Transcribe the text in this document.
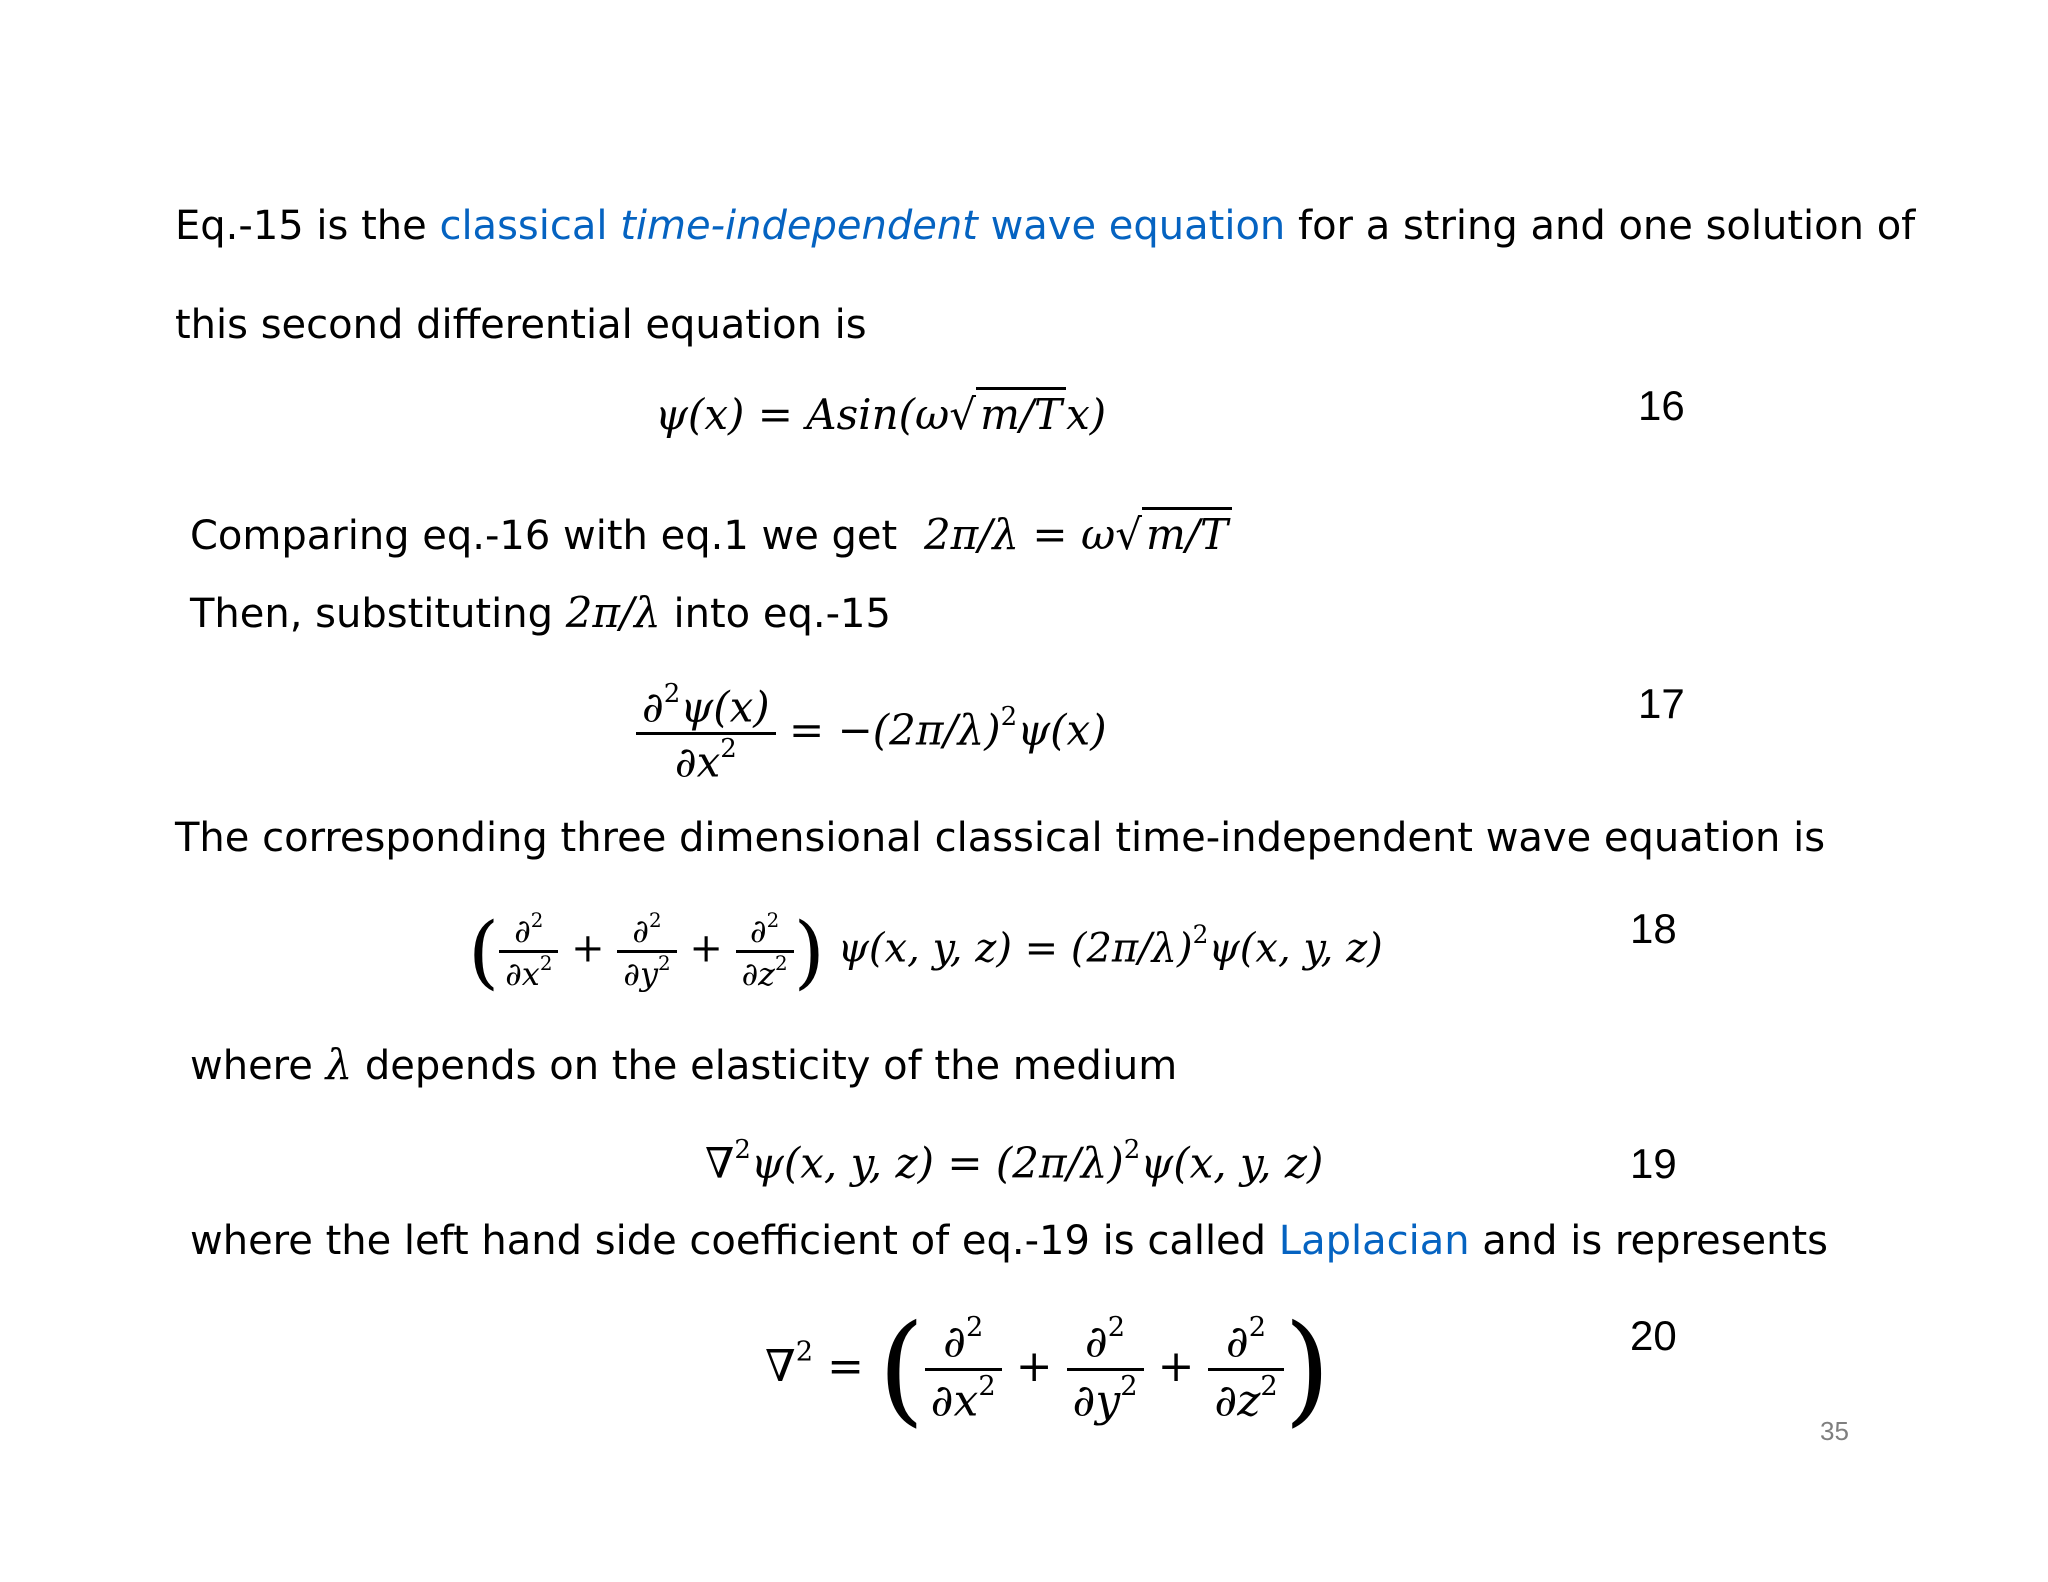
Eq.-15 is the classical time-independent wave equation for a string and one solution of
this second differential equation is
ψ(x) = Asin(ω√m/Tx)	16
Comparing eq.-16 with eq.1 we get 2π/λ = ω√m/T
Then, substituting 2π/λ into eq.-15
$\frac{\partial^2\psi(x)}{\partial x^2} = -(2\pi/\lambda)^2\psi(x)$
17
The corresponding three dimensional classical time-independent wave equation is
( $\frac{\partial^2}{\partial x^2} + \frac{\partial^2}{\partial y^2} + \frac{\partial^2}{\partial z^2}$ ) ψ(x, y, $z) = (2\pi/\lambda)^2\psi(x$, y, z)	18
where λ depends on the elasticity of the medium
∇$^2$ψ(x, y, $z) = (2\pi/\lambda)^2\psi(x$, y, z)	19
where the left hand side coefficient of eq.-19 is called Laplacian and is represents
∇$^2$ = ( $\frac{\partial^2}{\partial x^2} + \frac{\partial^2}{\partial y^2} + \frac{\partial^2}{\partial z^2}$ )	20
35
